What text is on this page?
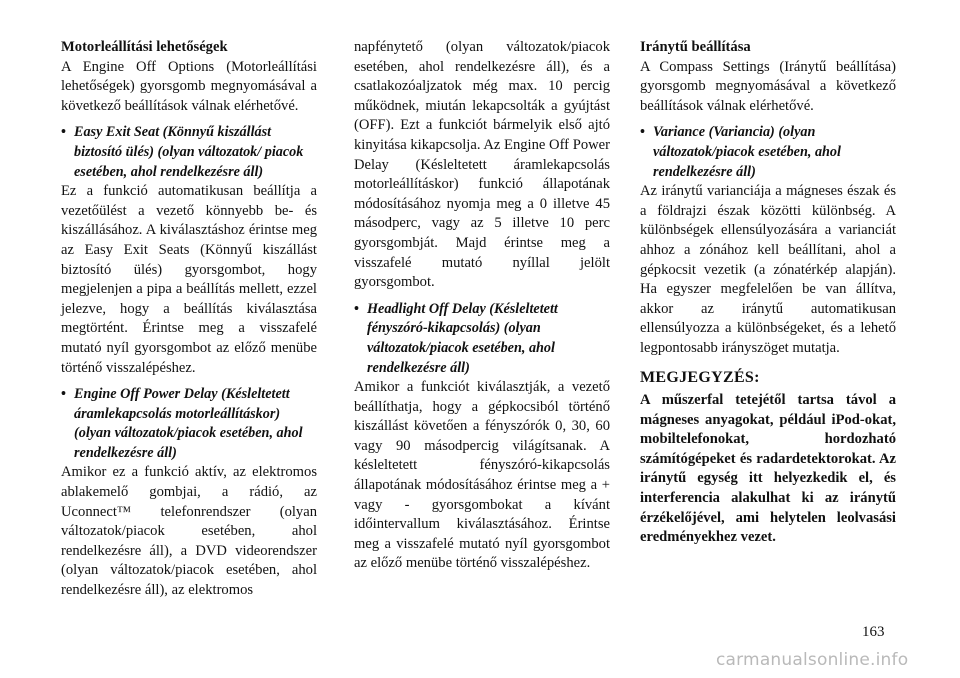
Motorleállítási lehetőségek

A Engine Off Options (Motorleállítási lehetőségek) gyorsgomb megnyomásával a következő beállítások válnak elérhetővé.

• Easy Exit Seat (Könnyű kiszállást biztosító ülés) (olyan változatok/ piacok esetében, ahol rendelkezésre áll)

Ez a funkció automatikusan beállítja a vezetőülést a vezető könnyebb be- és kiszállásához. A kiválasztáshoz érintse meg az Easy Exit Seats (Könnyű kiszállást biztosító ülés) gyorsgombot, hogy megjelenjen a pipa a beállítás mellett, ezzel jelezve, hogy a beállítás kiválasztása megtörtént. Érintse meg a visszafelé mutató nyíl gyorsgombot az előző menübe történő visszalépéshez.

• Engine Off Power Delay (Késleltetett áramlekapcsolás motorleállításkor) (olyan változatok/piacok esetében, ahol rendelkezésre áll)

Amikor ez a funkció aktív, az elektromos ablakemelő gombjai, a rádió, az Uconnect™ telefonrendszer (olyan változatok/piacok esetében, ahol rendelkezésre áll), a DVD videorendszer (olyan változatok/piacok esetében, ahol rendelkezésre áll), az elektromos

napfénytető (olyan változatok/piacok esetében, ahol rendelkezésre áll), és a csatlakozóaljzatok még max. 10 percig működnek, miután lekapcsolták a gyújtást (OFF). Ezt a funkciót bármelyik első ajtó kinyitása kikapcsolja. Az Engine Off Power Delay (Késleltetett áramlekapcsolás motorleállításkor) funkció állapotának módosításához nyomja meg a 0 illetve 45 másodperc, vagy az 5 illetve 10 perc gyorsgombját. Majd érintse meg a visszafelé mutató nyíllal jelölt gyorsgombot.

• Headlight Off Delay (Késleltetett fényszóró-kikapcsolás) (olyan változatok/piacok esetében, ahol rendelkezésre áll)

Amikor a funkciót kiválasztják, a vezető beállíthatja, hogy a gépkocsiból történő kiszállást követően a fényszórók 0, 30, 60 vagy 90 másodpercig világítsanak. A késleltetett fényszóró-kikapcsolás állapotának módosításához érintse meg a + vagy - gyorsgombokat a kívánt időintervallum kiválasztásához. Érintse meg a visszafelé mutató nyíl gyorsgombot az előző menübe történő visszalépéshez.

Iránytű beállítása

A Compass Settings (Iránytű beállítása) gyorsgomb megnyomásával a következő beállítások válnak elérhetővé.

• Variance (Variancia) (olyan változatok/piacok esetében, ahol rendelkezésre áll)

Az iránytű varianciája a mágneses észak és a földrajzi észak közötti különbség. A különbségek ellensúlyozására a varianciát ahhoz a zónához kell beállítani, ahol a gépkocsit vezetik (a zónatérkép alapján). Ha egyszer megfelelően be van állítva, akkor az iránytű automatikusan ellensúlyozza a különbségeket, és a lehető legpontosabb irányszöget mutatja.

MEGJEGYZÉS:

A műszerfal tetejétől tartsa távol a mágneses anyagokat, például iPod-okat, mobiltelefonokat, hordozható számítógépeket és radardetektorokat. Az iránytű egység itt helyezkedik el, és interferencia alakulhat ki az iránytű érzékelőjével, ami helytelen leolvasási eredményekhez vezet.

163
carmanualsonline.info
